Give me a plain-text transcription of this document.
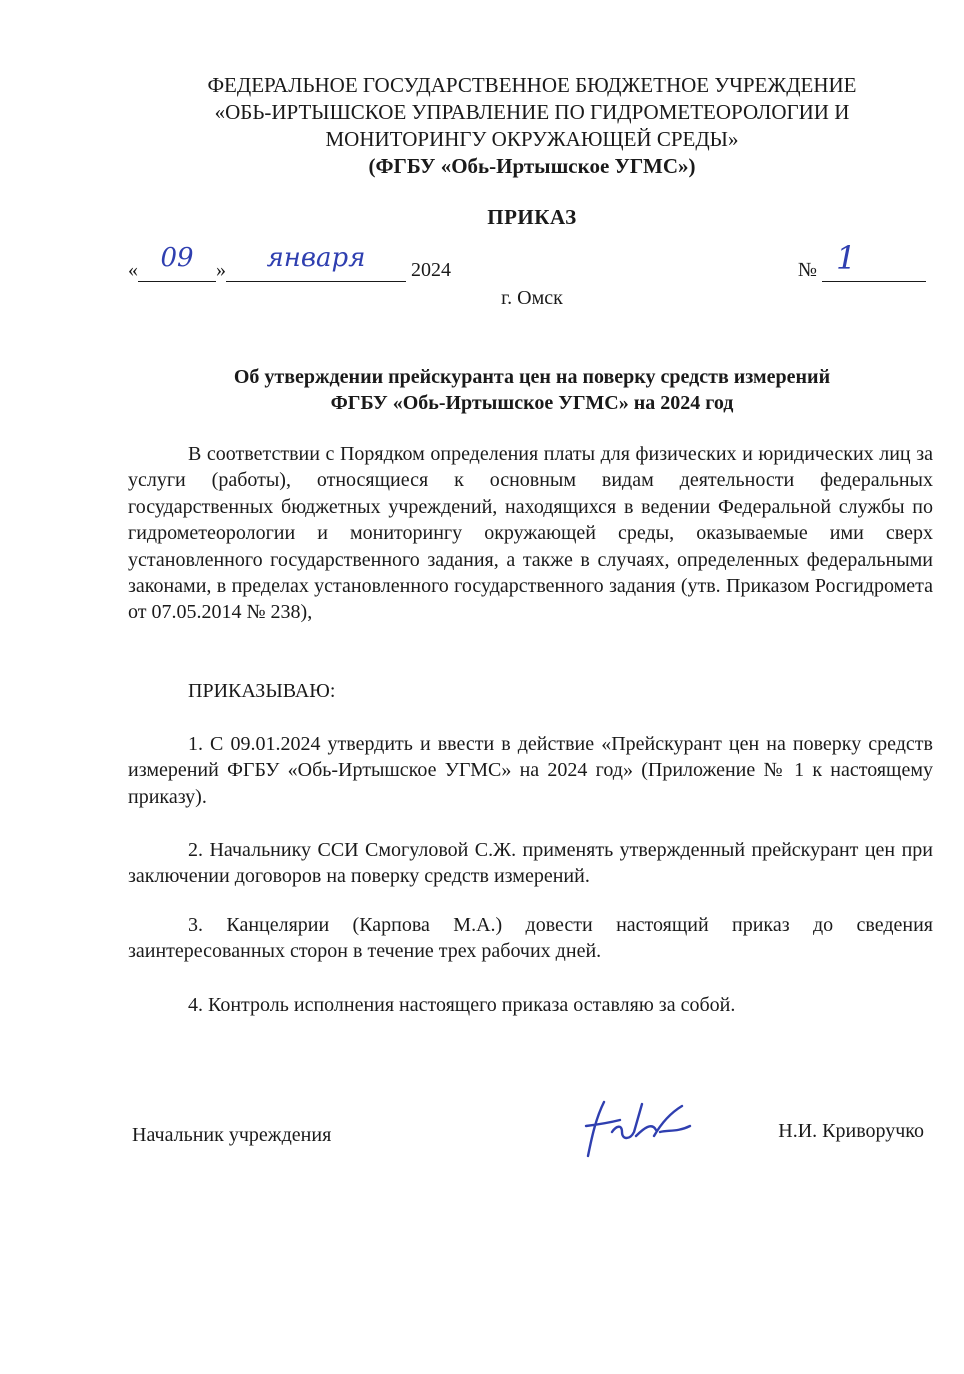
ФЕДЕРАЛЬНОЕ ГОСУДАРСТВЕННОЕ БЮДЖЕТНОЕ УЧРЕЖДЕНИЕ
«ОБЬ-ИРТЫШСКОЕ УПРАВЛЕНИЕ ПО ГИДРОМЕТЕОРОЛОГИИ И
МОНИТОРИНГУ ОКРУЖАЮЩЕЙ СРЕДЫ»
(ФГБУ «Обь-Иртышское УГМС»)
ПРИКАЗ
« 09	»	января	2024	№ 1
г. Омск
Об утверждении прейскуранта цен на поверку средств измерений
ФГБУ «Обь-Иртышское УГМС» на 2024 год
В соответствии с Порядком определения платы для физических и юридических лиц за услуги (работы), относящиеся к основным видам деятельности федеральных государственных бюджетных учреждений, находящихся в ведении Федеральной службы по гидрометеорологии и мониторингу окружающей среды, оказываемые ими сверх установленного государственного задания, а также в случаях, определенных федеральными законами, в пределах установленного государственного задания (утв. Приказом Росгидромета от 07.05.2014 № 238),
ПРИКАЗЫВАЮ:
1. С 09.01.2024 утвердить и ввести в действие «Прейскурант цен на поверку средств измерений ФГБУ «Обь-Иртышское УГМС» на 2024 год» (Приложение № 1 к настоящему приказу).
2. Начальнику ССИ Смогуловой С.Ж. применять утвержденный прейскурант цен при заключении договоров на поверку средств измерений.
3. Канцелярии (Карпова М.А.) довести настоящий приказ до сведения заинтересованных сторон в течение трех рабочих дней.
4. Контроль исполнения настоящего приказа оставляю за собой.
Начальник учреждения	Н.И. Криворучко
